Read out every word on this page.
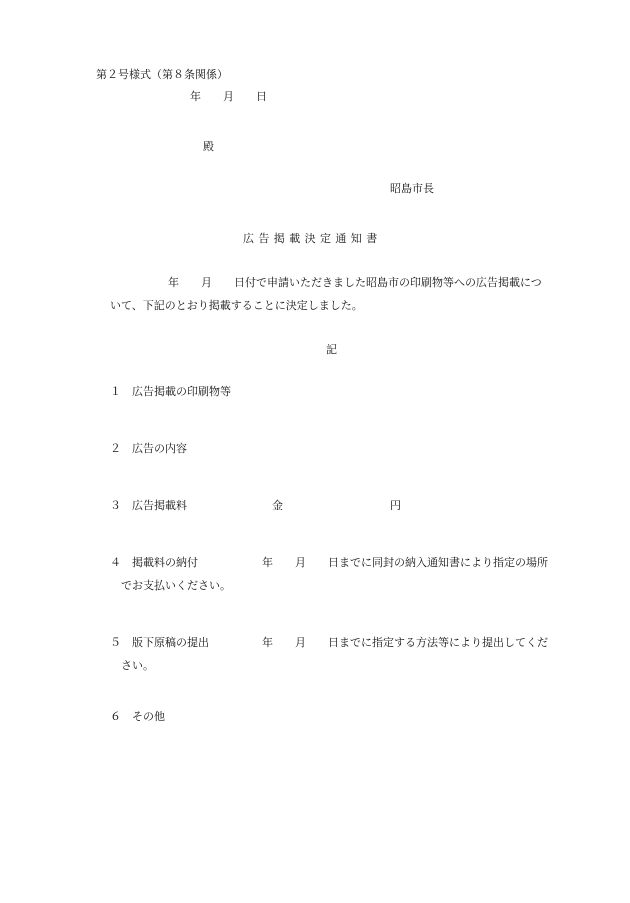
第２号様式（第８条関係）
年　　月　　日
殿
昭島市長
広告掲載決定通知書
年　　月　　日付で申請いただきました昭島市の印刷物等への広告掲載につ
いて、下記のとおり掲載することに決定しました。
記
１ 広告掲載の印刷物等
２ 広告の内容
３ 広告掲載料	金	円
４ 掲載料の納付	年　　月　　日までに同封の納入通知書により指定の場所
でお支払いください。
５ 版下原稿の提出	年　　月　　日までに指定する方法等により提出してくだ
さい。
６ その他
